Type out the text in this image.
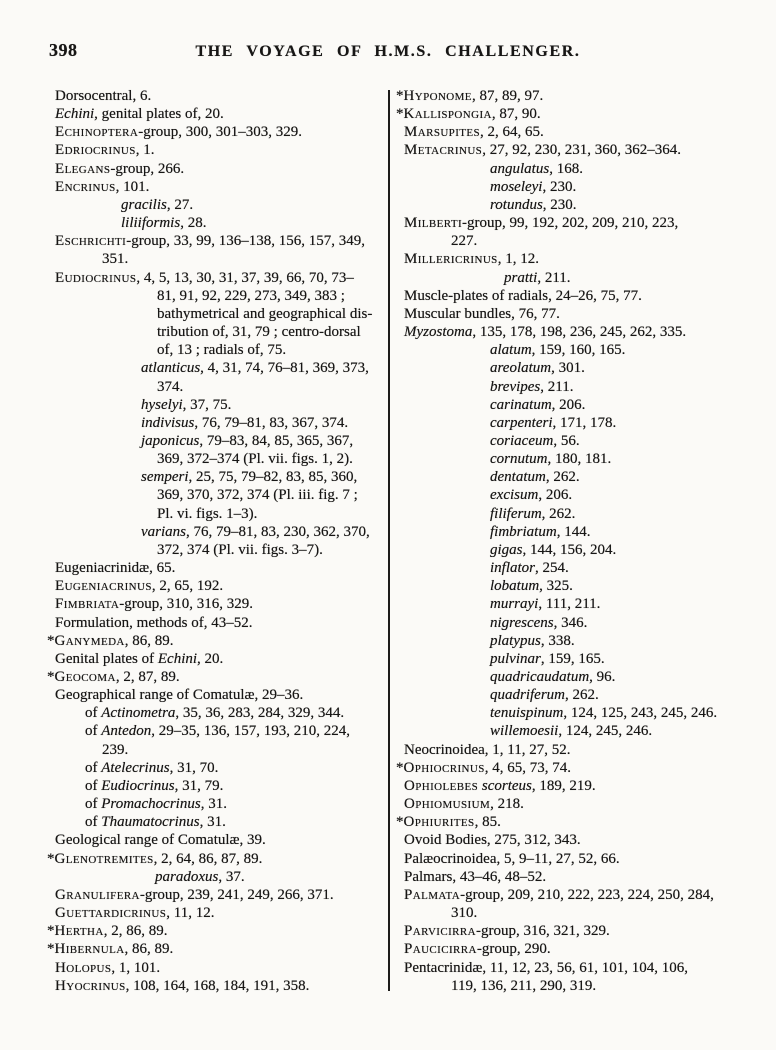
398	THE VOYAGE OF H.M.S. CHALLENGER.
Dorsocentral, 6.
Echini, genital plates of, 20.
Echinoptera-group, 300, 301–303, 329.
Edriocrinus, 1.
Elegans-group, 266.
Encrinus, 101.
gracilis, 27.
liliiformis, 28.
Eschrichti-group, 33, 99, 136–138, 156, 157, 349,
351.
Eudiocrinus, 4, 5, 13, 30, 31, 37, 39, 66, 70, 73–
81, 91, 92, 229, 273, 349, 383 ;
bathymetrical and geographical dis-
tribution of, 31, 79 ; centro-dorsal
of, 13 ; radials of, 75.
atlanticus, 4, 31, 74, 76–81, 369, 373,
374.
hyselyi, 37, 75.
indivisus, 76, 79–81, 83, 367, 374.
japonicus, 79–83, 84, 85, 365, 367,
369, 372–374 (Pl. vii. figs. 1, 2).
semperi, 25, 75, 79–82, 83, 85, 360,
369, 370, 372, 374 (Pl. iii. fig. 7 ;
Pl. vi. figs. 1–3).
varians, 76, 79–81, 83, 230, 362, 370,
372, 374 (Pl. vii. figs. 3–7).
Eugeniacrinidæ, 65.
Eugeniacrinus, 2, 65, 192.
Fimbriata-group, 310, 316, 329.
Formulation, methods of, 43–52.
*Ganymeda, 86, 89.
Genital plates of Echini, 20.
*Geocoma, 2, 87, 89.
Geographical range of Comatulæ, 29–36.
of Actinometra, 35, 36, 283, 284, 329, 344.
of Antedon, 29–35, 136, 157, 193, 210, 224,
239.
of Atelecrinus, 31, 70.
of Eudiocrinus, 31, 79.
of Promachocrinus, 31.
of Thaumatocrinus, 31.
Geological range of Comatulæ, 39.
*Glenotremites, 2, 64, 86, 87, 89.
paradoxus, 37.
Granulifera-group, 239, 241, 249, 266, 371.
Guettardicrinus, 11, 12.
*Hertha, 2, 86, 89.
*Hibernula, 86, 89.
Holopus, 1, 101.
Hyocrinus, 108, 164, 168, 184, 191, 358.
*Hyponome, 87, 89, 97.
*Kallispongia, 87, 90.
Marsupites, 2, 64, 65.
Metacrinus, 27, 92, 230, 231, 360, 362–364.
angulatus, 168.
moseleyi, 230.
rotundus, 230.
Milberti-group, 99, 192, 202, 209, 210, 223,
227.
Millericrinus, 1, 12.
pratti, 211.
Muscle-plates of radials, 24–26, 75, 77.
Muscular bundles, 76, 77.
Myzostoma, 135, 178, 198, 236, 245, 262, 335.
alatum, 159, 160, 165.
areolatum, 301.
brevipes, 211.
carinatum, 206.
carpenteri, 171, 178.
coriaceum, 56.
cornutum, 180, 181.
dentatum, 262.
excisum, 206.
filiferum, 262.
fimbriatum, 144.
gigas, 144, 156, 204.
inflator, 254.
lobatum, 325.
murrayi, 111, 211.
nigrescens, 346.
platypus, 338.
pulvinar, 159, 165.
quadricaudatum, 96.
quadriferum, 262.
tenuispinum, 124, 125, 243, 245, 246.
willemoesii, 124, 245, 246.
Neocrinoidea, 1, 11, 27, 52.
*Ophiocrinus, 4, 65, 73, 74.
Ophiolebes scorteus, 189, 219.
Ophiomusium, 218.
*Ophiurites, 85.
Ovoid Bodies, 275, 312, 343.
Palæocrinoidea, 5, 9–11, 27, 52, 66.
Palmars, 43–46, 48–52.
Palmata-group, 209, 210, 222, 223, 224, 250, 284,
310.
Parvicirra-group, 316, 321, 329.
Paucicirra-group, 290.
Pentacrinidæ, 11, 12, 23, 56, 61, 101, 104, 106,
119, 136, 211, 290, 319.
